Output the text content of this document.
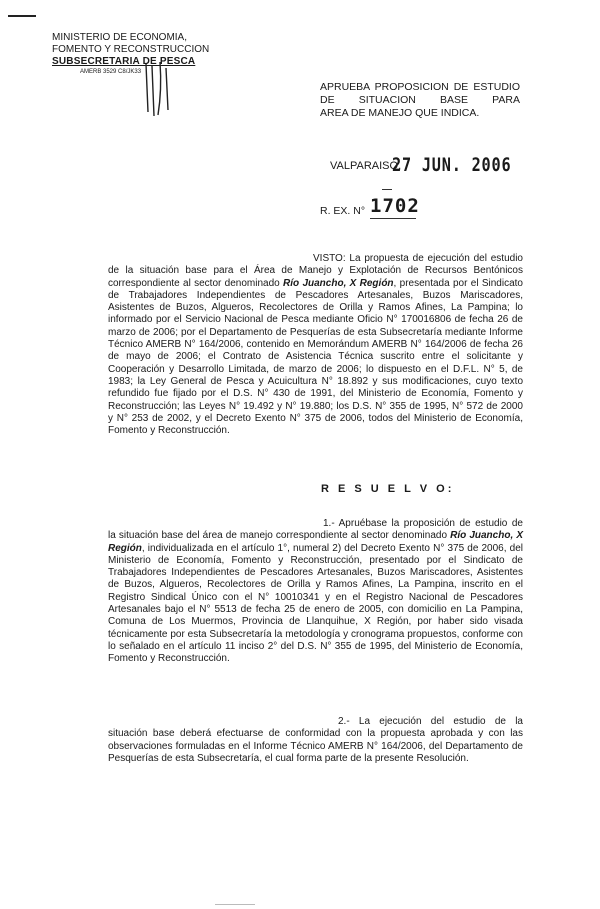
MINISTERIO DE ECONOMIA,
FOMENTO Y RECONSTRUCCION
SUBSECRETARIA DE PESCA
AMERB 3529 C8/JK33
APRUEBA PROPOSICION DE ESTUDIO DE SITUACION BASE PARA
AREA DE MANEJO QUE INDICA.
VALPARAISO,
27 JUN. 2006
R. EX. N° 1702
VISTO: La propuesta de ejecución del estudio de la situación base para el Área de Manejo y Explotación de Recursos Bentónicos correspondiente al sector denominado Río Juancho, X Región, presentada por el Sindicato de Trabajadores Independientes de Pescadores Artesanales, Buzos Mariscadores, Asistentes de Buzos, Algueros, Recolectores de Orilla y Ramos Afines, La Pampina; lo informado por el Servicio Nacional de Pesca mediante Oficio N° 170016806 de fecha 26 de marzo de 2006; por el Departamento de Pesquerías de esta Subsecretaría mediante Informe Técnico AMERB N° 164/2006, contenido en Memorándum AMERB N° 164/2006 de fecha 26 de mayo de 2006; el Contrato de Asistencia Técnica suscrito entre el solicitante y Cooperación y Desarrollo Limitada, de marzo de 2006; lo dispuesto en el D.F.L. N° 5, de 1983; la Ley General de Pesca y Acuicultura N° 18.892 y sus modificaciones, cuyo texto refundido fue fijado por el D.S. N° 430 de 1991, del Ministerio de Economía, Fomento y Reconstrucción; las Leyes N° 19.492 y N° 19.880; los D.S. N° 355 de 1995, N° 572 de 2000 y N° 253 de 2002, y el Decreto Exento N° 375 de 2006, todos del Ministerio de Economía, Fomento y Reconstrucción.
R E S U E L V O:
1.- Apruébase la proposición de estudio de la situación base del área de manejo correspondiente al sector denominado Río Juancho, X Región, individualizada en el artículo 1°, numeral 2) del Decreto Exento N° 375 de 2006, del Ministerio de Economía, Fomento y Reconstrucción, presentado por el Sindicato de Trabajadores Independientes de Pescadores Artesanales, Buzos Mariscadores, Asistentes de Buzos, Algueros, Recolectores de Orilla y Ramos Afines, La Pampina, inscrito en el Registro Sindical Único con el N° 10010341 y en el Registro Nacional de Pescadores Artesanales bajo el N° 5513 de fecha 25 de enero de 2005, con domicilio en La Pampina, Comuna de Los Muermos, Provincia de Llanquihue, X Región, por haber sido visada técnicamente por esta Subsecretaría la metodología y cronograma propuestos, conforme con lo señalado en el artículo 11 inciso 2° del D.S. N° 355 de 1995, del Ministerio de Economía, Fomento y Reconstrucción.
2.- La ejecución del estudio de la situación base deberá efectuarse de conformidad con la propuesta aprobada y con las observaciones formuladas en el Informe Técnico AMERB N° 164/2006, del Departamento de Pesquerías de esta Subsecretaría, el cual forma parte de la presente Resolución.
